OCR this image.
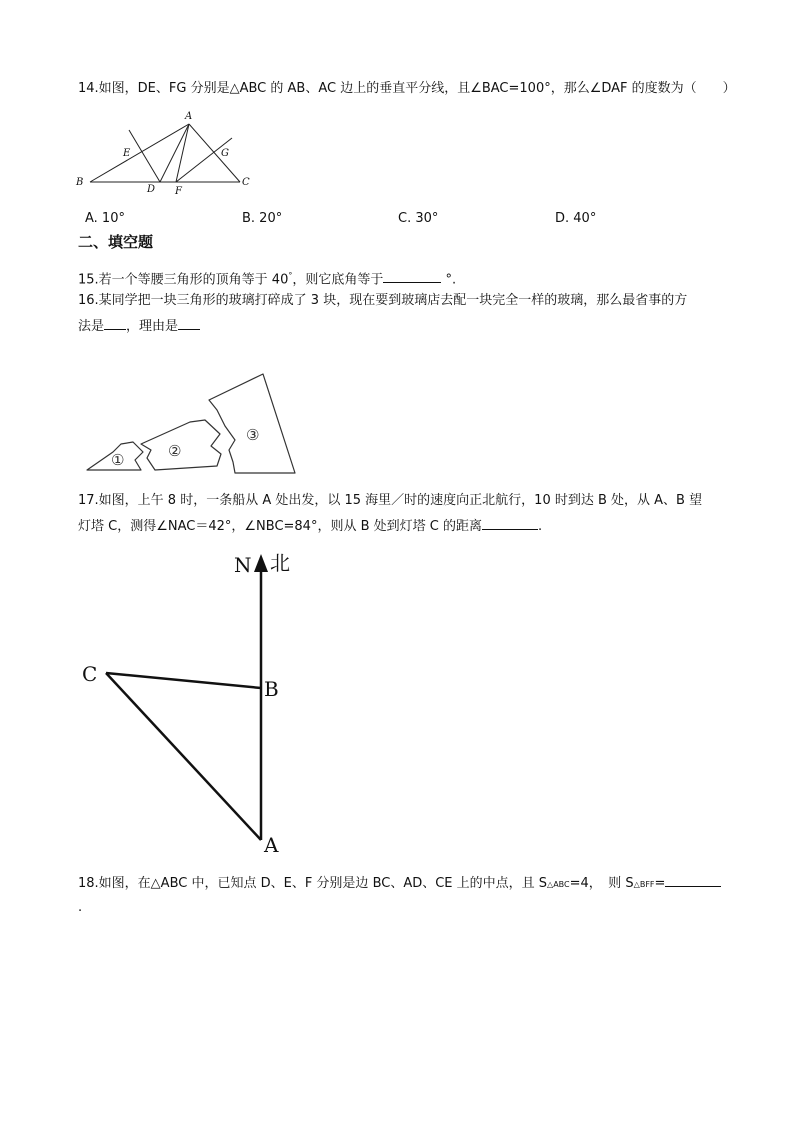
14.如图，DE、FG 分别是△ABC 的 AB、AC 边上的垂直平分线，且∠BAC=100°，那么∠DAF 的度数为（　　）
A
B	C
D
E
F
G
A. 10°	B. 20°	C. 30°	D. 40°
二、填空题
15.若一个等腰三角形的顶角等于 40°，则它底角等于	°.
16.某同学把一块三角形的玻璃打碎成了 3 块，现在要到玻璃店去配一块完全一样的玻璃，那么最省事的方
法是 ，理由是
①	②
③
17.如图，上午 8 时，一条船从 A 处出发，以 15 海里／时的速度向正北航行，10 时到达 B 处，从 A、B 望
灯塔 C，测得∠NAC＝42°，∠NBC=84°，则从 B 处到灯塔 C 的距离	.
N 北
C
B
A
18.如图，在△ABC 中，已知点 D、E、F 分别是边 BC、AD、CE 上的中点，且 S△ABC=4，　则 S△BFF=
.
